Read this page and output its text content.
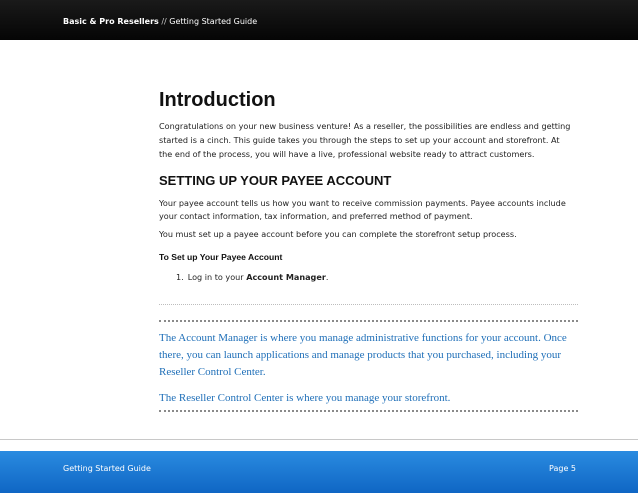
Basic & Pro Resellers // Getting Started Guide
Introduction

Congratulations on your new business venture! As a reseller, the possibilities are endless and getting started is a cinch. This guide takes you through the steps to set up your account and storefront. At the end of the process, you will have a live, professional website ready to attract customers.

SETTING UP YOUR PAYEE ACCOUNT

Your payee account tells us how you want to receive commission payments. Payee accounts include your contact information, tax information, and preferred method of payment.

You must set up a payee account before you can complete the storefront setup process.

To Set up Your Payee Account
1. Log in to your Account Manager.

The Account Manager is where you manage administrative functions for your account. Once there, you can launch applications and manage products that you purchased, including your Reseller Control Center.

The Reseller Control Center is where you manage your storefront.

Getting Started Guide	Page 5
